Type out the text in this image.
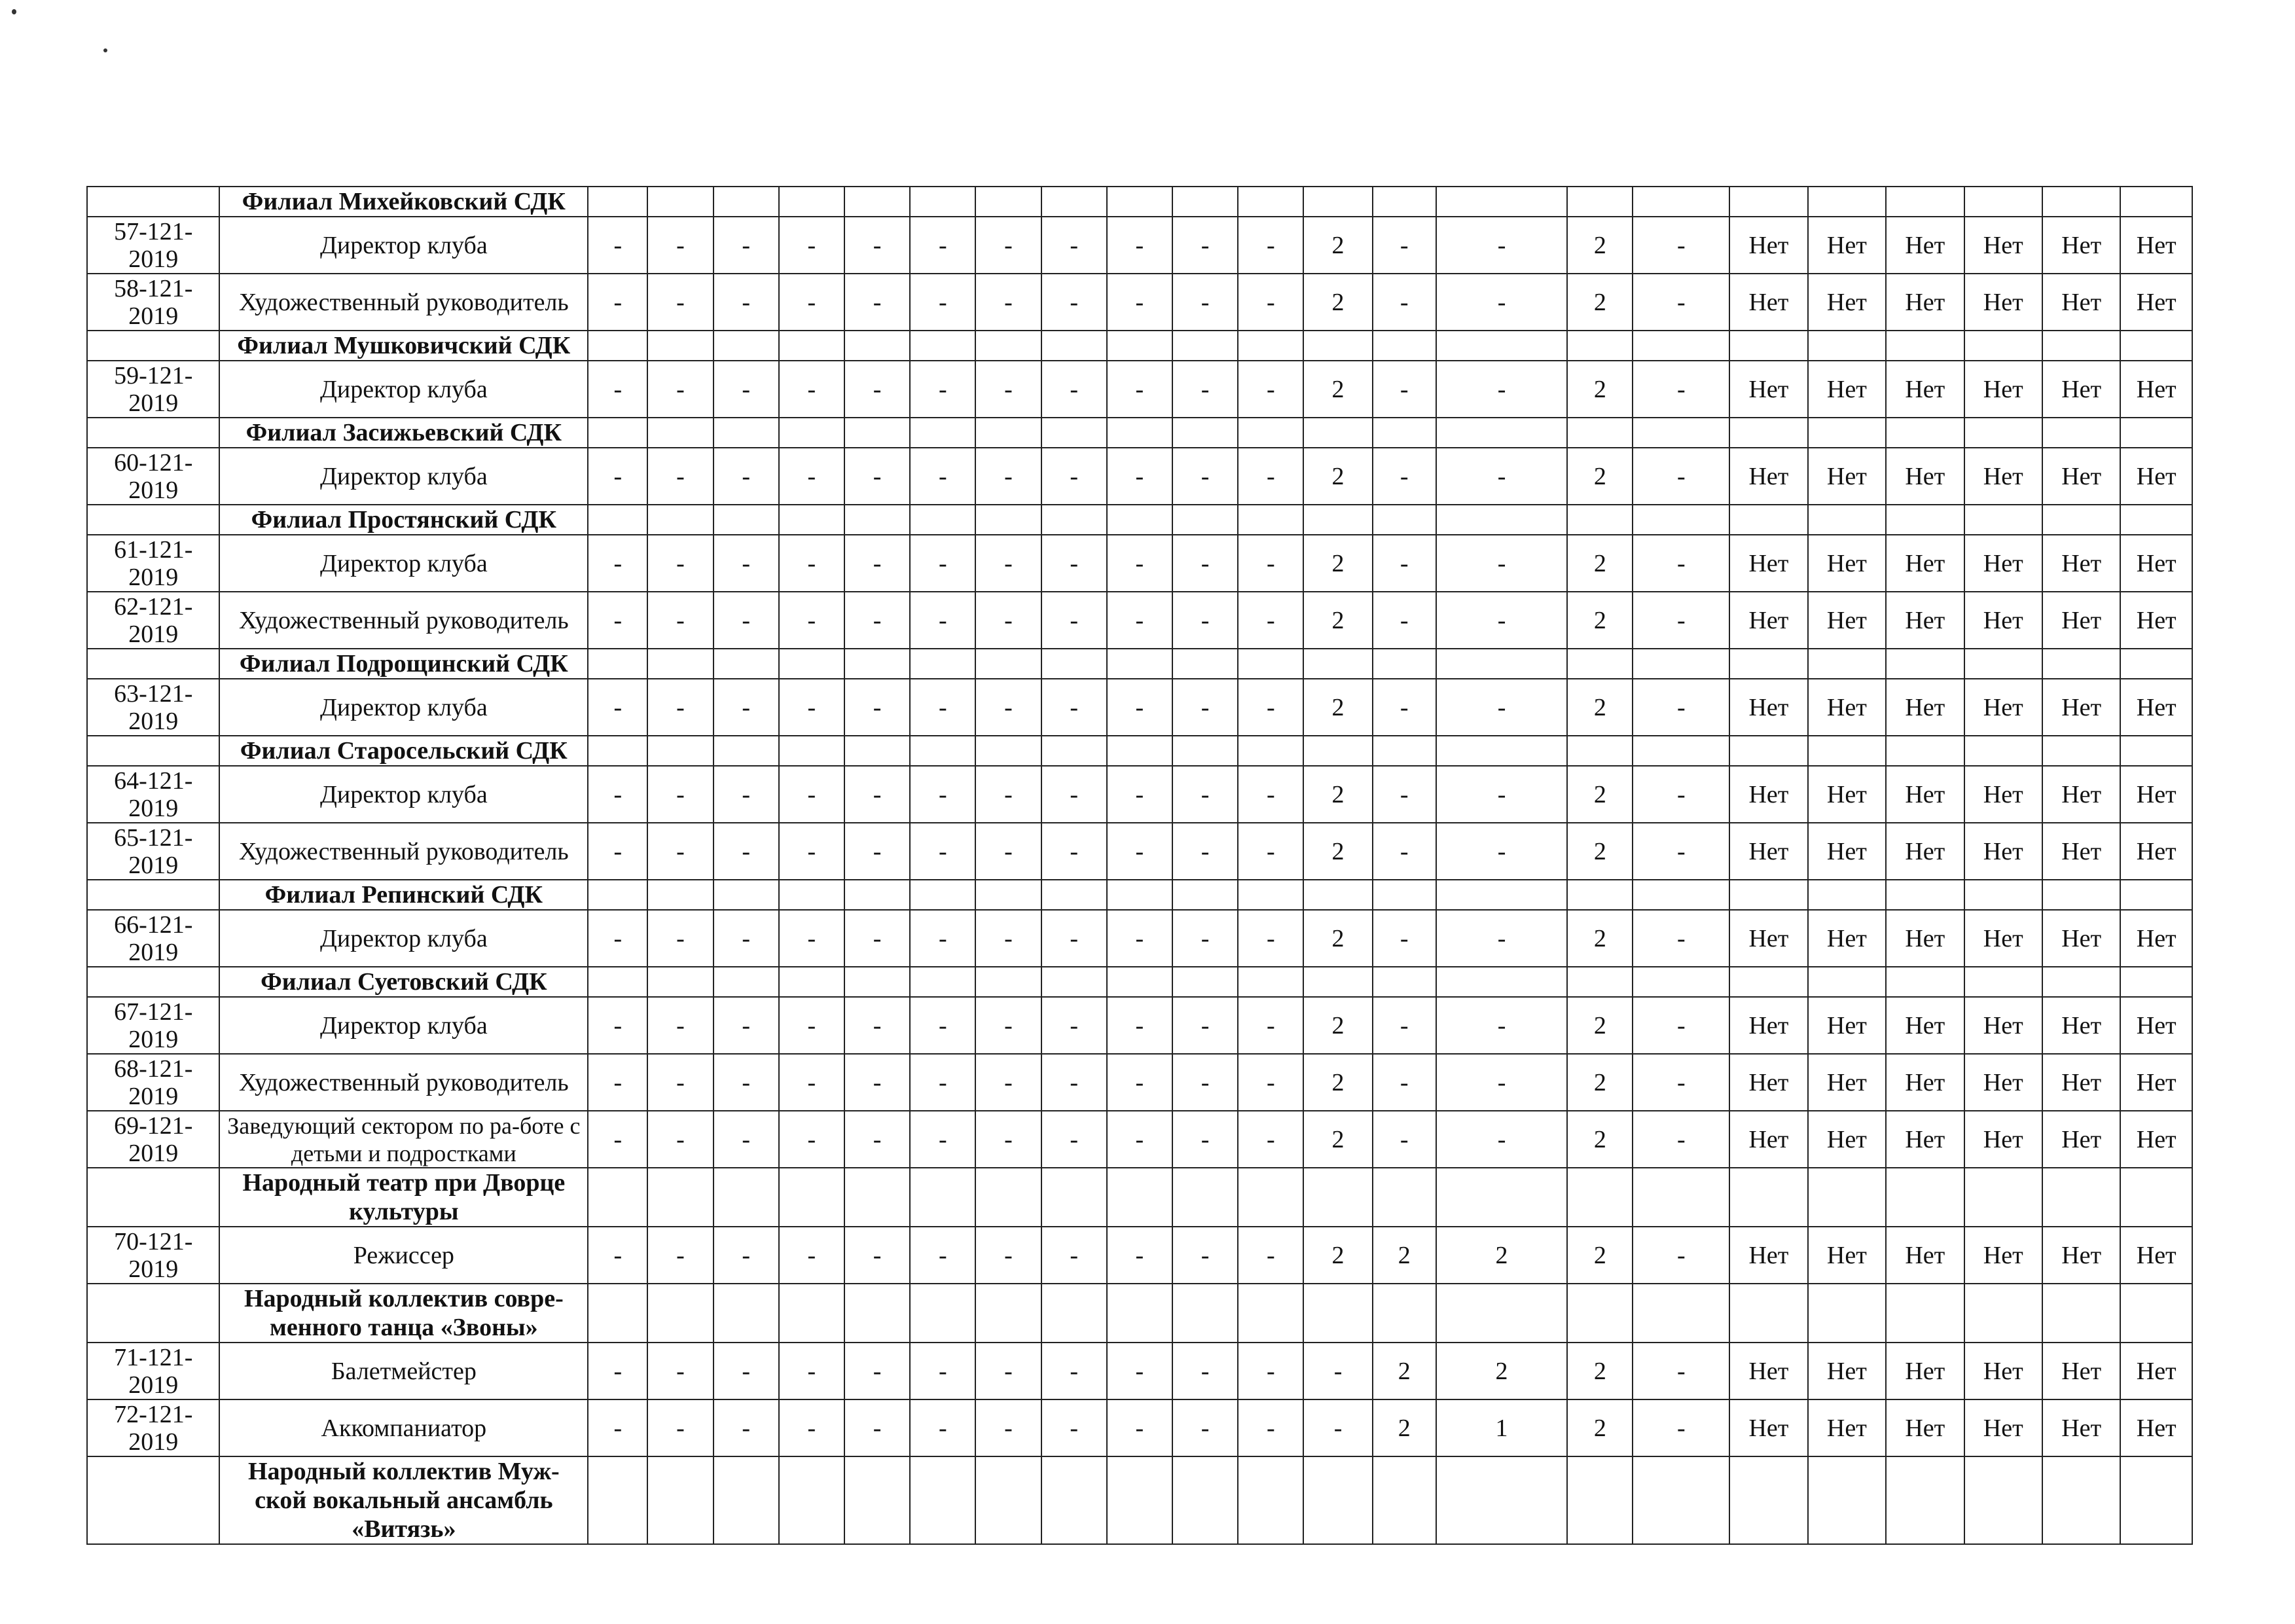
	Филиал Михейковский СДК																						
57-121-2019	Директор клуба	-	-	-	-	-	-	-	-	-	-	-	2	-	-	2	-	Нет	Нет	Нет	Нет	Нет	Нет
58-121-2019	Художественный руководитель	-	-	-	-	-	-	-	-	-	-	-	2	-	-	2	-	Нет	Нет	Нет	Нет	Нет	Нет
	Филиал Мушковичский СДК																						
59-121-2019	Директор клуба	-	-	-	-	-	-	-	-	-	-	-	2	-	-	2	-	Нет	Нет	Нет	Нет	Нет	Нет
	Филиал Засижьевский СДК																						
60-121-2019	Директор клуба	-	-	-	-	-	-	-	-	-	-	-	2	-	-	2	-	Нет	Нет	Нет	Нет	Нет	Нет
	Филиал Простянский СДК																						
61-121-2019	Директор клуба	-	-	-	-	-	-	-	-	-	-	-	2	-	-	2	-	Нет	Нет	Нет	Нет	Нет	Нет
62-121-2019	Художественный руководитель	-	-	-	-	-	-	-	-	-	-	-	2	-	-	2	-	Нет	Нет	Нет	Нет	Нет	Нет
	Филиал Подрощинский СДК																						
63-121-2019	Директор клуба	-	-	-	-	-	-	-	-	-	-	-	2	-	-	2	-	Нет	Нет	Нет	Нет	Нет	Нет
	Филиал Старосельский СДК																						
64-121-2019	Директор клуба	-	-	-	-	-	-	-	-	-	-	-	2	-	-	2	-	Нет	Нет	Нет	Нет	Нет	Нет
65-121-2019	Художественный руководитель	-	-	-	-	-	-	-	-	-	-	-	2	-	-	2	-	Нет	Нет	Нет	Нет	Нет	Нет
	Филиал Репинский СДК																						
66-121-2019	Директор клуба	-	-	-	-	-	-	-	-	-	-	-	2	-	-	2	-	Нет	Нет	Нет	Нет	Нет	Нет
	Филиал Суетовский СДК																						
67-121-2019	Директор клуба	-	-	-	-	-	-	-	-	-	-	-	2	-	-	2	-	Нет	Нет	Нет	Нет	Нет	Нет
68-121-2019	Художественный руководитель	-	-	-	-	-	-	-	-	-	-	-	2	-	-	2	-	Нет	Нет	Нет	Нет	Нет	Нет
69-121-2019	Заведующий сектором по ра-боте с детьми и подростками	-	-	-	-	-	-	-	-	-	-	-	2	-	-	2	-	Нет	Нет	Нет	Нет	Нет	Нет
	Народный театр при Дворце культуры																						
70-121-2019	Режиссер	-	-	-	-	-	-	-	-	-	-	-	2	2	2	2	-	Нет	Нет	Нет	Нет	Нет	Нет
	Народный коллектив совре-менного танца «Звоны»																						
71-121-2019	Балетмейстер	-	-	-	-	-	-	-	-	-	-	-	-	2	2	2	-	Нет	Нет	Нет	Нет	Нет	Нет
72-121-2019	Аккомпаниатор	-	-	-	-	-	-	-	-	-	-	-	-	2	1	2	-	Нет	Нет	Нет	Нет	Нет	Нет
	Народный коллектив Муж-ской вокальный ансамбль «Витязь»																						
